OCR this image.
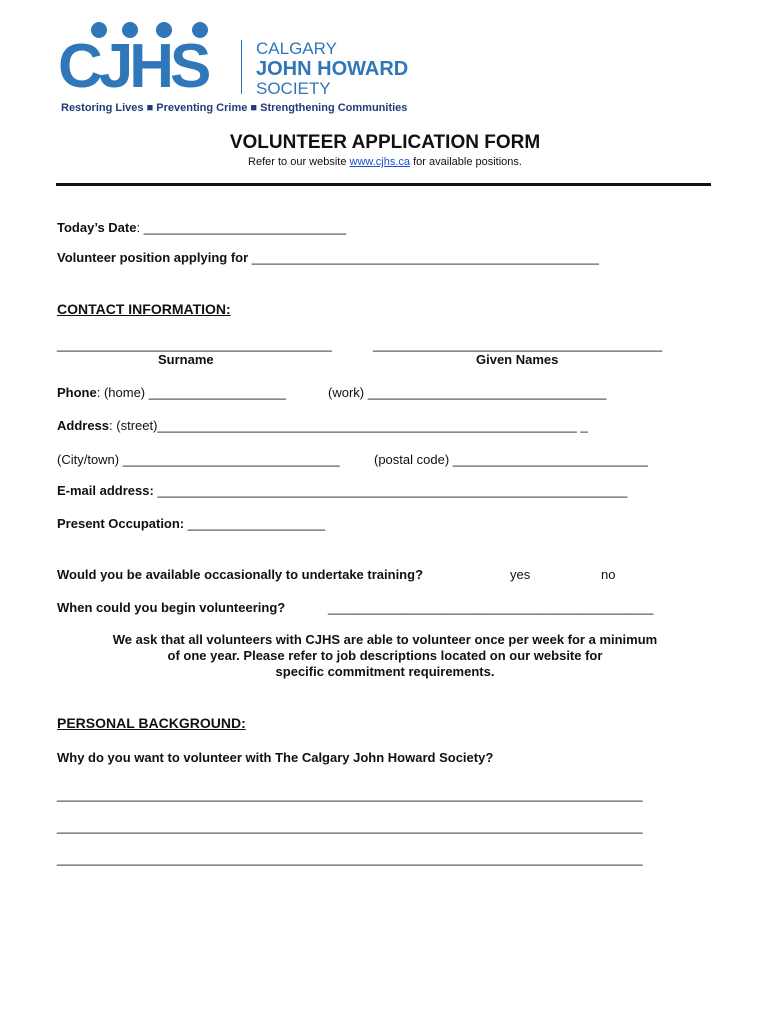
CJHS	CALGARY
JOHN HOWARD
SOCIETY
Restoring Lives ■ Preventing Crime ■ Strengthening Communities
VOLUNTEER APPLICATION FORM
Refer to our website www.cjhs.ca for available positions.
Today’s Date: ____________________________
Volunteer position applying for ________________________________________________
CONTACT INFORMATION:
______________________________________	________________________________________
Surname	Given Names
Phone: (home) ___________________	(work) _________________________________
Address: (street)__________________________________________________________ _
(City/town) ______________________________	(postal code) ___________________________
E-mail address: _________________________________________________________________
Present Occupation: ___________________
Would you be available occasionally to undertake training?	yes	no
When could you begin volunteering?	_____________________________________________
We ask that all volunteers with CJHS are able to volunteer once per week for a minimum
of one year. Please refer to job descriptions located on our website for
specific commitment requirements.
PERSONAL BACKGROUND:
Why do you want to volunteer with The Calgary John Howard Society?
_________________________________________________________________________________
_________________________________________________________________________________
_________________________________________________________________________________
